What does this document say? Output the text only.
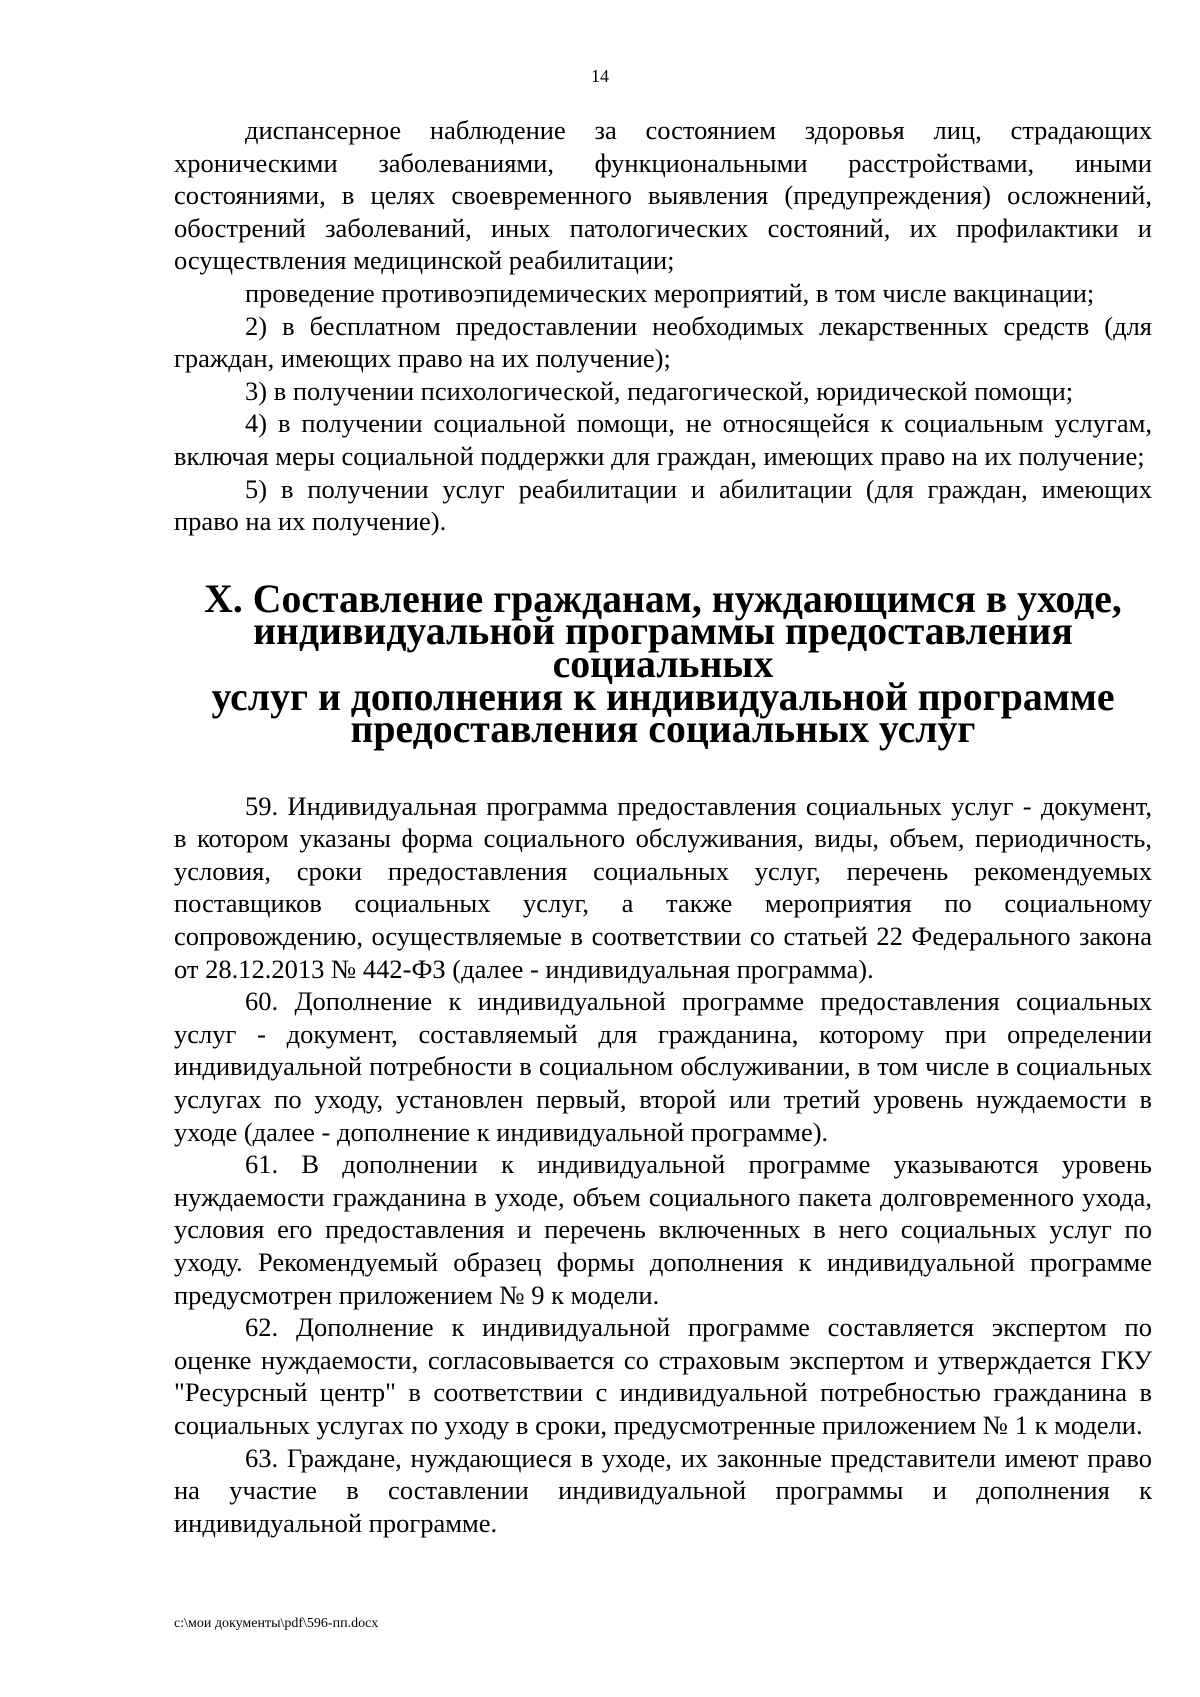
14

диспансерное наблюдение за состоянием здоровья лиц, страдающих хроническими заболеваниями, функциональными расстройствами, иными состояниями, в целях своевременного выявления (предупреждения) осложнений, обострений заболеваний, иных патологических состояний, их профилактики и осуществления медицинской реабилитации;

проведение противоэпидемических мероприятий, в том числе вакцинации;

2) в бесплатном предоставлении необходимых лекарственных средств (для граждан, имеющих право на их получение);

3) в получении психологической, педагогической, юридической помощи;

4) в получении социальной помощи, не относящейся к социальным услугам, включая меры социальной поддержки для граждан, имеющих право на их получение;

5) в получении услуг реабилитации и абилитации (для граждан, имеющих право на их получение).

X. Составление гражданам, нуждающимся в уходе,
индивидуальной программы предоставления социальных
услуг и дополнения к индивидуальной программе
предоставления социальных услуг

59. Индивидуальная программа предоставления социальных услуг - документ, в котором указаны форма социального обслуживания, виды, объем, периодичность, условия, сроки предоставления социальных услуг, перечень рекомендуемых поставщиков социальных услуг, а также мероприятия по социальному сопровождению, осуществляемые в соответствии со статьей 22 Федерального закона от 28.12.2013 № 442-ФЗ (далее - индивидуальная программа).

60. Дополнение к индивидуальной программе предоставления социальных услуг - документ, составляемый для гражданина, которому при определении индивидуальной потребности в социальном обслуживании, в том числе в социальных услугах по уходу, установлен первый, второй или третий уровень нуждаемости в уходе (далее - дополнение к индивидуальной программе).

61. В дополнении к индивидуальной программе указываются уровень нуждаемости гражданина в уходе, объем социального пакета долговременного ухода, условия его предоставления и перечень включенных в него социальных услуг по уходу. Рекомендуемый образец формы дополнения к индивидуальной программе предусмотрен приложением № 9 к модели.

62. Дополнение к индивидуальной программе составляется экспертом по оценке нуждаемости, согласовывается со страховым экспертом и утверждается ГКУ "Ресурсный центр" в соответствии с индивидуальной потребностью гражданина в социальных услугах по уходу в сроки, предусмотренные приложением № 1 к модели.

63. Граждане, нуждающиеся в уходе, их законные представители имеют право на участие в составлении индивидуальной программы и дополнения к индивидуальной программе.

c:\мои документы\pdf\596-пп.docx
